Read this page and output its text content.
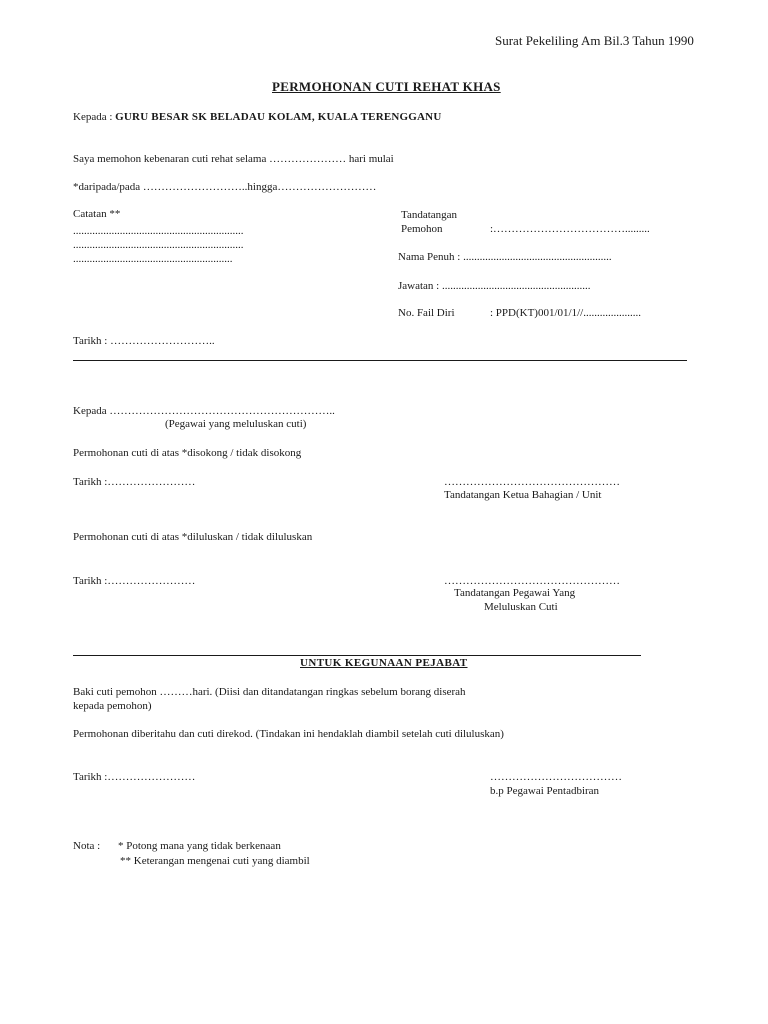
Surat Pekeliling Am Bil.3 Tahun 1990
PERMOHONAN CUTI REHAT KHAS
Kepada : GURU BESAR SK BELADAU KOLAM, KUALA TERENGGANU
Saya memohon kebenaran cuti rehat selama ………………… hari mulai
*daripada/pada ………………………..hingga………………………
Catatan **
..............................................................
..............................................................
..........................................................
Tandatangan
Pemohon	:……………………………….........
Nama Penuh : ......................................................
Jawatan : ......................................................
No. Fail Diri	: PPD(KT)001/01/1//.....................
Tarikh : ………………………..
Kepada ……………………………………………………..
(Pegawai yang meluluskan cuti)
Permohonan cuti di atas *disokong / tidak disokong
Tarikh :……………………	…………………………………………
Tandatangan Ketua Bahagian / Unit
Permohonan cuti di atas *diluluskan / tidak diluluskan
Tarikh :……………………	…………………………………………
Tandatangan Pegawai Yang
Meluluskan Cuti
UNTUK KEGUNAAN PEJABAT
Baki cuti pemohon ………hari. (Diisi dan ditandatangan ringkas sebelum borang diserah
kepada pemohon)
Permohonan diberitahu dan cuti direkod. (Tindakan ini hendaklah diambil setelah cuti diluluskan)
Tarikh :……………………	………………………………
b.p Pegawai Pentadbiran
Nota : * Potong mana yang tidak berkenaan
** Keterangan mengenai cuti yang diambil
